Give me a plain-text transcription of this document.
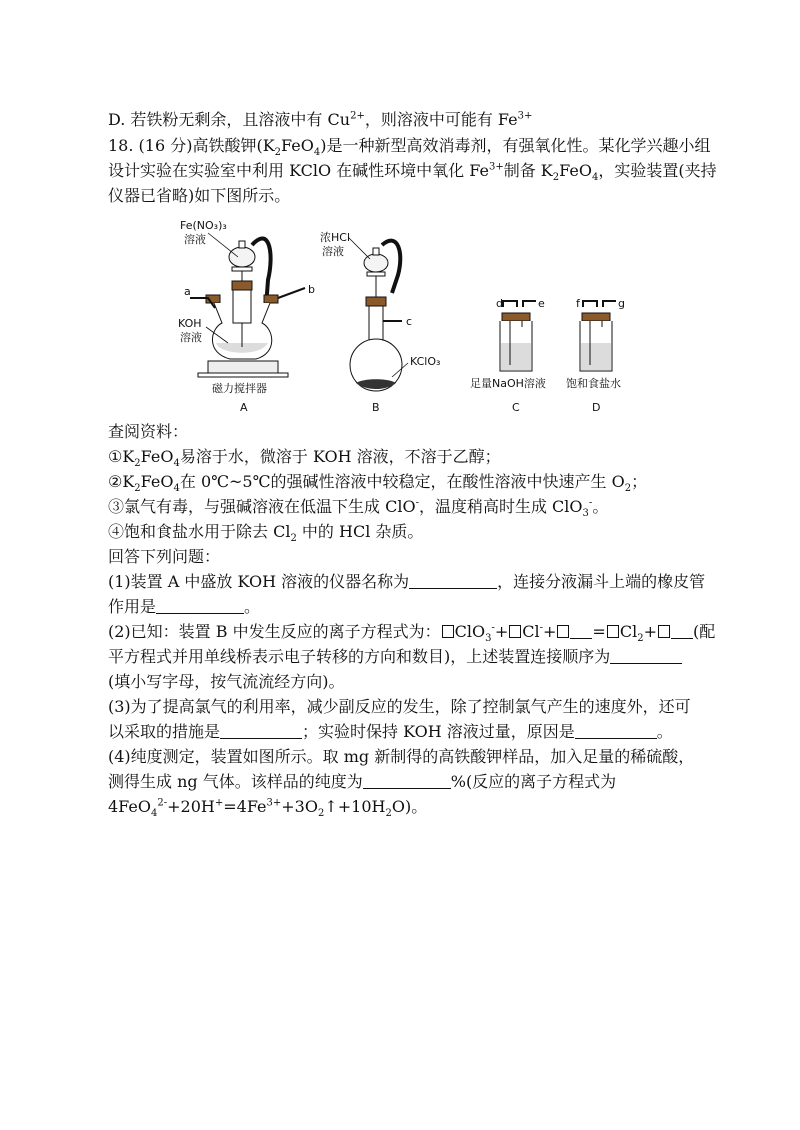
D. 若铁粉无剩余，且溶液中有 $Cu^{2+}$，则溶液中可能有 $Fe^{3+}$
18. (16 分)高铁酸钾$(K_2FeO_4)$是一种新型高效消毒剂，有强氧化性。某化学兴趣小组
设计实验在实验室中利用 KClO 在碱性环境中氧化 $Fe^{3+}$制备 $K_2FeO_4$，实验装置(夹持
仪器已省略)如下图所示。
Fe(NO₃)₃
溶液
a	b
KOH
溶液
磁力搅拌器
A
浓HCl
溶液
c
KClO₃
B
d	e
足量NaOH溶液
C
f	g
饱和食盐水
D
查阅资料：
$①K_2FeO_4$易溶于水，微溶于 KOH 溶液，不溶于乙醇；
$②K_2FeO_4$在 0℃~5℃的强碱性溶液中较稳定，在酸性溶液中快速产生 $O_2$；
③氯气有毒，与强碱溶液在低温下生成 ClO-，温度稍高时生成 ClO$_3$-。
④饱和食盐水用于除去 $Cl_2$ 中的 HCl 杂质。
回答下列问题：
(1)装置 A 中盛放 KOH 溶液的仪器名称为	，连接分液漏斗上端的橡皮管
作用是	。
(2)已知：装置 B 中发生反应的离子方程式为： $ClO_3^-+ Cl^-+ = Cl_2+$ (配
平方程式并用单线桥表示电子转移的方向和数目)，上述装置连接顺序为
(填小写字母，按气流流经方向)。
(3)为了提高氯气的利用率，减少副反应的发生，除了控制氯气产生的速度外，还可
以采取的措施是	；实验时保持 KOH 溶液过量，原因是	。
(4)纯度测定，装置如图所示。取 mg 新制得的高铁酸钾样品，加入足量的稀硫酸，
测得生成 ng 气体。该样品的纯度为	%(反应的离子方程式为
$4FeO_4^{2-}+20H^+=4Fe^{3+}+3O_2↑+10H_2O$)。
